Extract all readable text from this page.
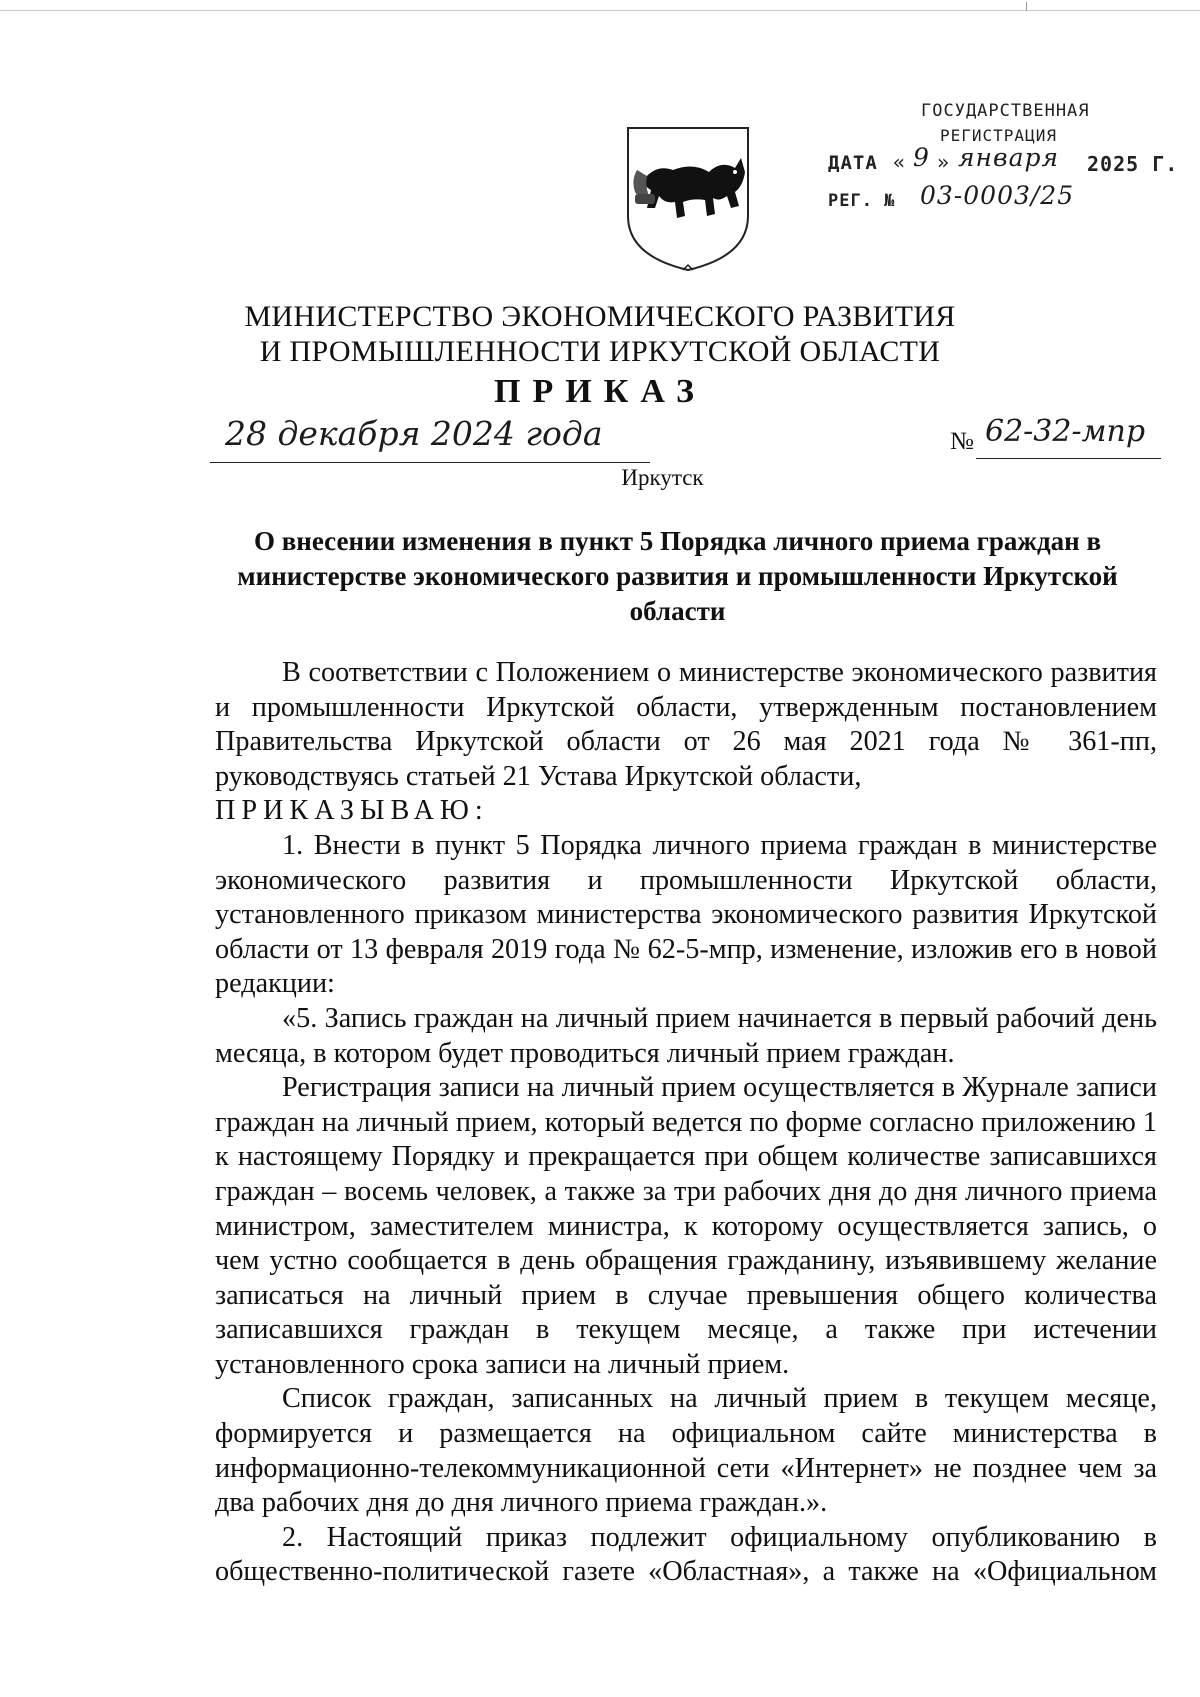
ГОСУДАРСТВЕННАЯ
РЕГИСТРАЦИЯ
ДАТА « 9 » января 2025 Г.
РЕГ. № 03-0003/25
МИНИСТЕРСТВО ЭКОНОМИЧЕСКОГО РАЗВИТИЯ
И ПРОМЫШЛЕННОСТИ ИРКУТСКОЙ ОБЛАСТИ
ПРИКАЗ
28 декабря 2024 года	№ 62-32-мпр
Иркутск
О внесении изменения в пункт 5 Порядка личного приема граждан в министерстве экономического развития и промышленности Иркутской области

В соответствии с Положением о министерстве экономического развития и промышленности Иркутской области, утвержденным постановлением Правительства Иркутской области от 26 мая 2021 года № 361-пп, руководствуясь статьей 21 Устава Иркутской области,

ПРИКАЗЫВАЮ:

1. Внести в пункт 5 Порядка личного приема граждан в министерстве экономического развития и промышленности Иркутской области, установленного приказом министерства экономического развития Иркутской области от 13 февраля 2019 года № 62-5-мпр, изменение, изложив его в новой редакции:

«5. Запись граждан на личный прием начинается в первый рабочий день месяца, в котором будет проводиться личный прием граждан.

Регистрация записи на личный прием осуществляется в Журнале записи граждан на личный прием, который ведется по форме согласно приложению 1 к настоящему Порядку и прекращается при общем количестве записавшихся граждан – восемь человек, а также за три рабочих дня до дня личного приема министром, заместителем министра, к которому осуществляется запись, о чем устно сообщается в день обращения гражданину, изъявившему желание записаться на личный прием в случае превышения общего количества записавшихся граждан в текущем месяце, а также при истечении установленного срока записи на личный прием.

Список граждан, записанных на личный прием в текущем месяце, формируется и размещается на официальном сайте министерства в информационно-телекоммуникационной сети «Интернет» не позднее чем за два рабочих дня до дня личного приема граждан.».

2. Настоящий приказ подлежит официальному опубликованию в

общественно-политической газете «Областная», а также на «Официальном
